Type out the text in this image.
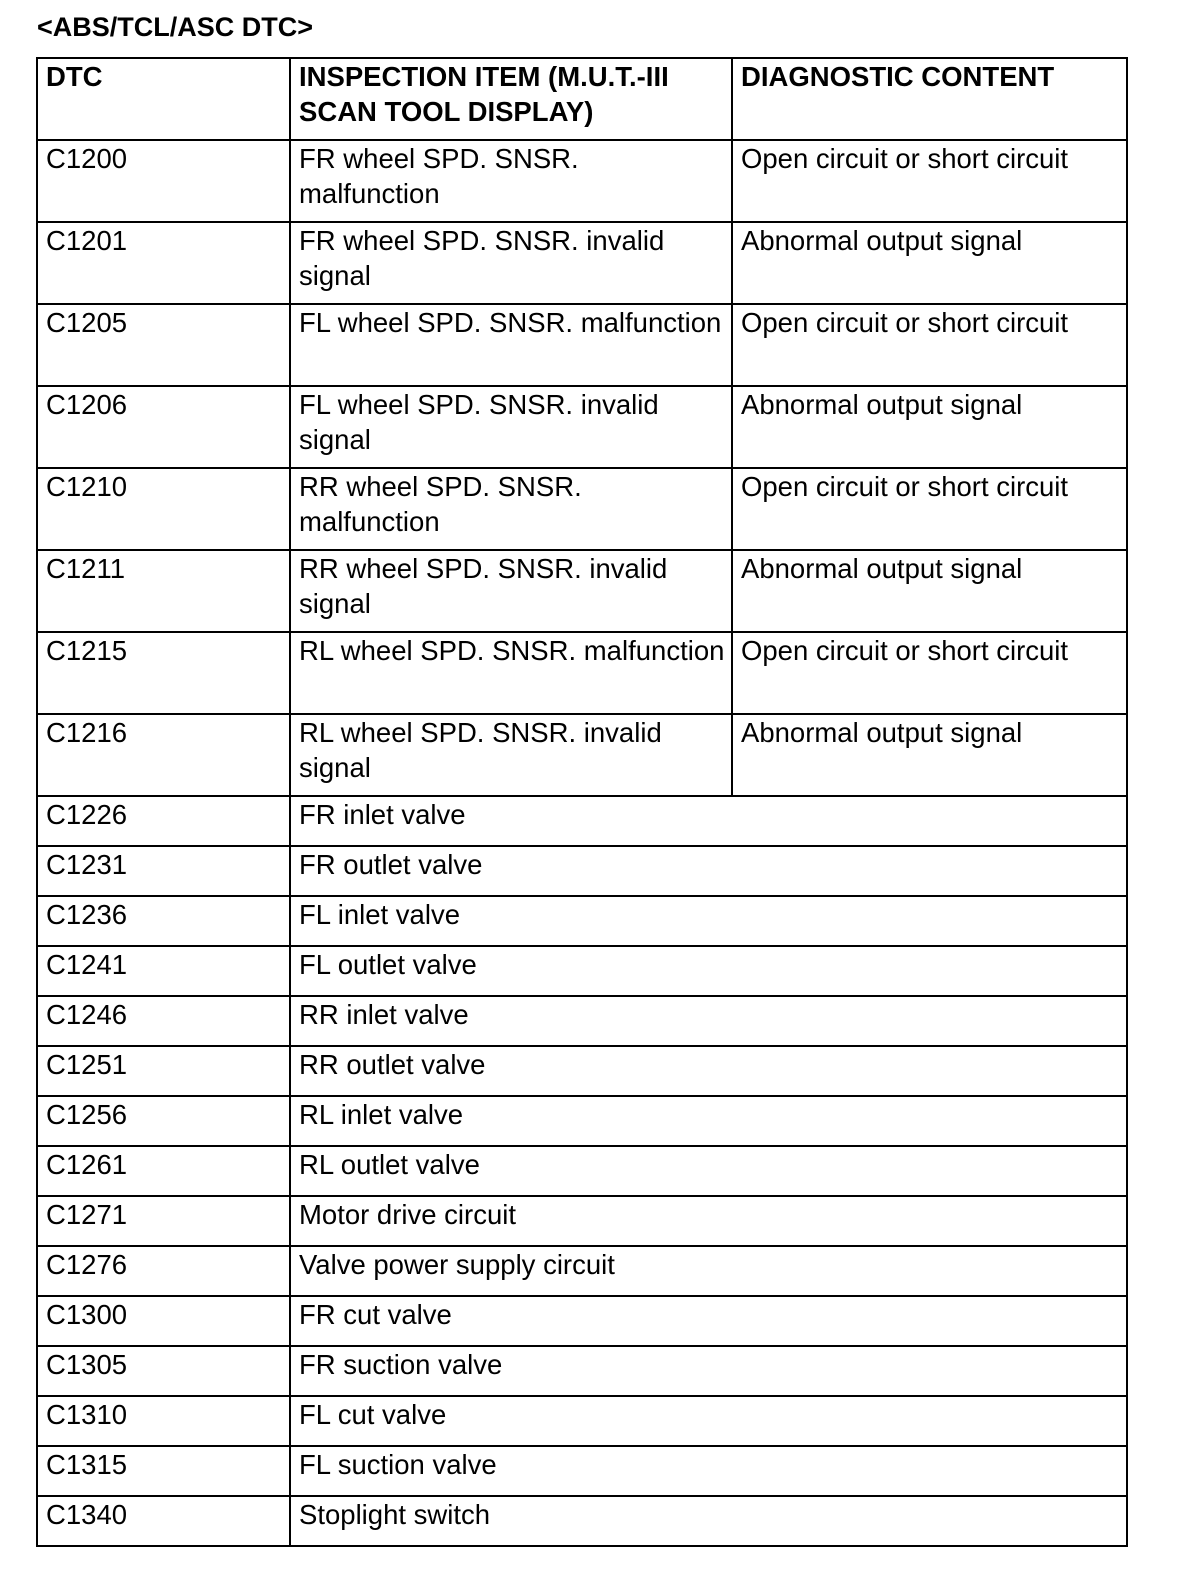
<ABS/TCL/ASC DTC>
DTC	INSPECTION ITEM (M.U.T.-III SCAN TOOL DISPLAY)	DIAGNOSTIC CONTENT
C1200	FR wheel SPD. SNSR. malfunction	Open circuit or short circuit
C1201	FR wheel SPD. SNSR. invalid signal	Abnormal output signal
C1205	FL wheel SPD. SNSR. malfunction	Open circuit or short circuit
C1206	FL wheel SPD. SNSR. invalid signal	Abnormal output signal
C1210	RR wheel SPD. SNSR. malfunction	Open circuit or short circuit
C1211	RR wheel SPD. SNSR. invalid signal	Abnormal output signal
C1215	RL wheel SPD. SNSR. malfunction	Open circuit or short circuit
C1216	RL wheel SPD. SNSR. invalid signal	Abnormal output signal
C1226	FR inlet valve	
C1231	FR outlet valve	
C1236	FL inlet valve	
C1241	FL outlet valve	
C1246	RR inlet valve	
C1251	RR outlet valve	
C1256	RL inlet valve	
C1261	RL outlet valve	
C1271	Motor drive circuit	
C1276	Valve power supply circuit	
C1300	FR cut valve	
C1305	FR suction valve	
C1310	FL cut valve	
C1315	FL suction valve	
C1340	Stoplight switch	
